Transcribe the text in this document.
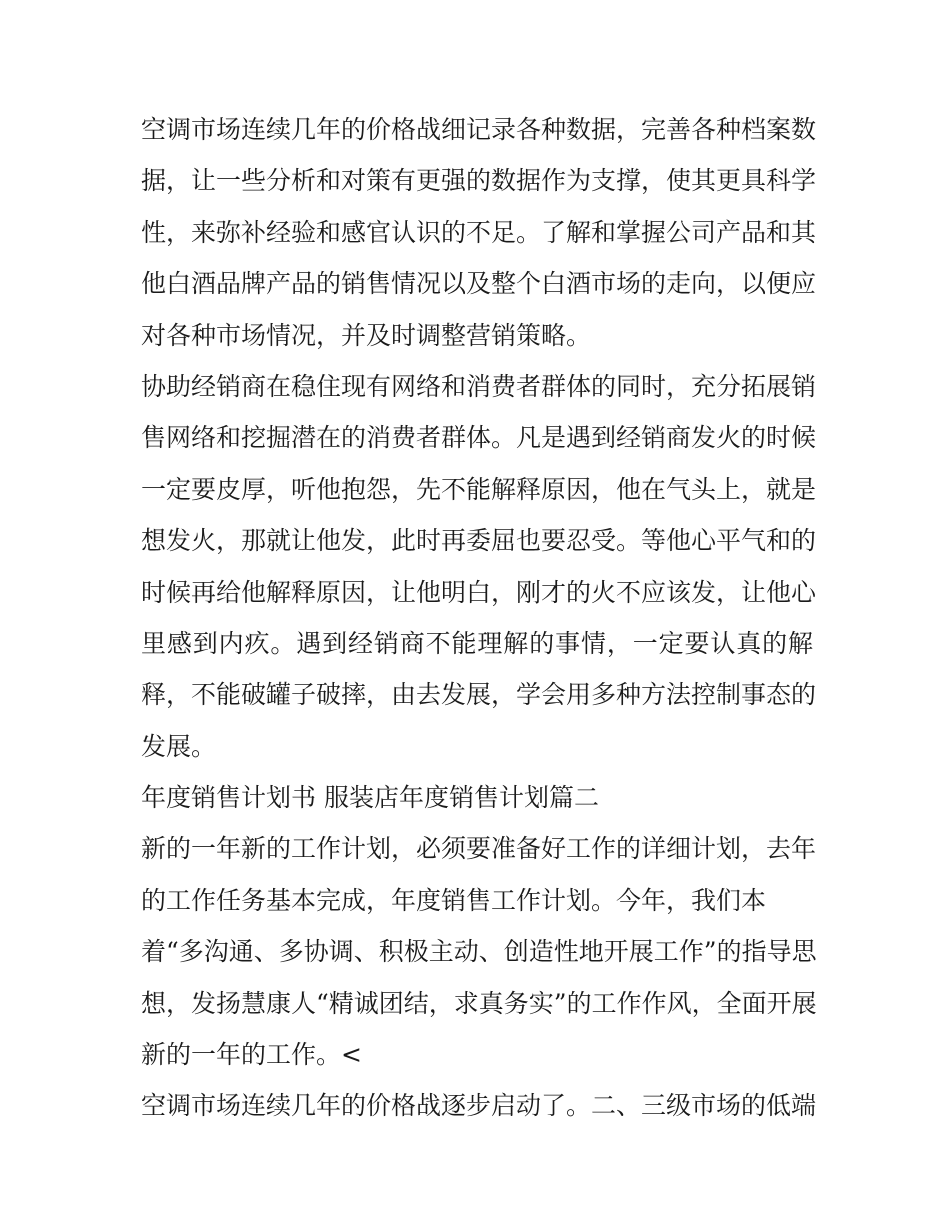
空调市场连续几年的价格战细记录各种数据，完善各种档案数
据，让一些分析和对策有更强的数据作为支撑，使其更具科学
性，来弥补经验和感官认识的不足。了解和掌握公司产品和其
他白酒品牌产品的销售情况以及整个白酒市场的走向，以便应
对各种市场情况，并及时调整营销策略。
协助经销商在稳住现有网络和消费者群体的同时，充分拓展销
售网络和挖掘潜在的消费者群体。凡是遇到经销商发火的时候
一定要皮厚，听他抱怨，先不能解释原因，他在气头上，就是
想发火，那就让他发，此时再委屈也要忍受。等他心平气和的
时候再给他解释原因，让他明白，刚才的火不应该发，让他心
里感到内疚。遇到经销商不能理解的事情，一定要认真的解
释，不能破罐子破摔，由去发展，学会用多种方法控制事态的
发展。
年度销售计划书 服装店年度销售计划篇二
新的一年新的工作计划，必须要准备好工作的详细计划，去年
的工作任务基本完成，年度销售工作计划。今年，我们本
着“多沟通、多协调、积极主动、创造性地开展工作”的指导思
想，发扬慧康人“精诚团结，求真务实”的工作作风，全面开展
新的一年的工作。<
空调市场连续几年的价格战逐步启动了。二、三级市场的低端
